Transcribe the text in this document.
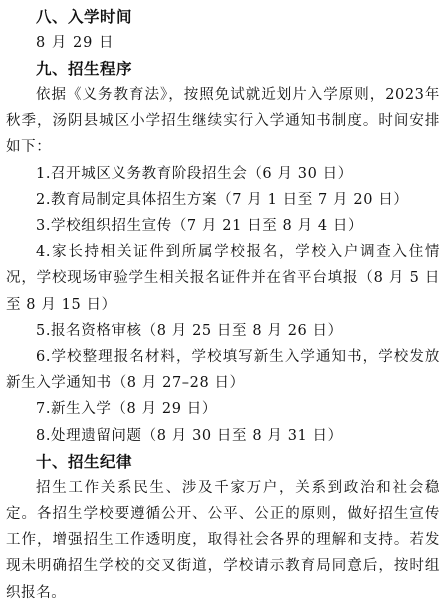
八、入学时间
8 月 29 日
九、招生程序

依据《义务教育法》，按照免试就近划片入学原则，2023年秋季，汤阴县城区小学招生继续实行入学通知书制度。时间安排如下：

1.召开城区义务教育阶段招生会（6 月 30 日）

2.教育局制定具体招生方案（7 月 1 日至 7 月 20 日）

3.学校组织招生宣传（7 月 21 日至 8 月 4 日）

4.家长持相关证件到所属学校报名，学校入户调查入住情况，学校现场审验学生相关报名证件并在省平台填报（8 月 5 日至 8 月 15 日）

5.报名资格审核（8 月 25 日至 8 月 26 日）

6.学校整理报名材料，学校填写新生入学通知书，学校发放新生入学通知书（8 月 27–28 日）

7.新生入学（8 月 29 日）

8.处理遗留问题（8 月 30 日至 8 月 31 日）

十、招生纪律

招生工作关系民生、涉及千家万户，关系到政治和社会稳定。各招生学校要遵循公开、公平、公正的原则，做好招生宣传工作，增强招生工作透明度，取得社会各界的理解和支持。若发现未明确招生学校的交叉街道，学校请示教育局同意后，按时组织报名。
